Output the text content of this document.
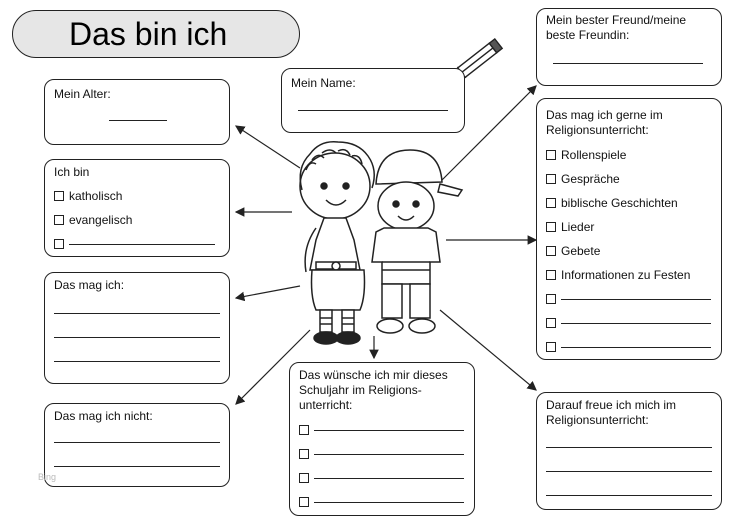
Das bin ich
Mein Alter:
Mein Name:
Mein bester Freund/meine beste Freundin:
Ich bin
katholisch
evangelisch
Das mag ich:
Das mag ich nicht:
Das mag ich gerne im Religionsunterricht:
Rollenspiele
Gespräche
biblische Geschichten
Lieder
Gebete
Informationen zu Festen
Das wünsche ich mir dieses Schuljahr im Religions-unterricht:	Darauf freue ich mich im Religionsunterricht:
Bing
